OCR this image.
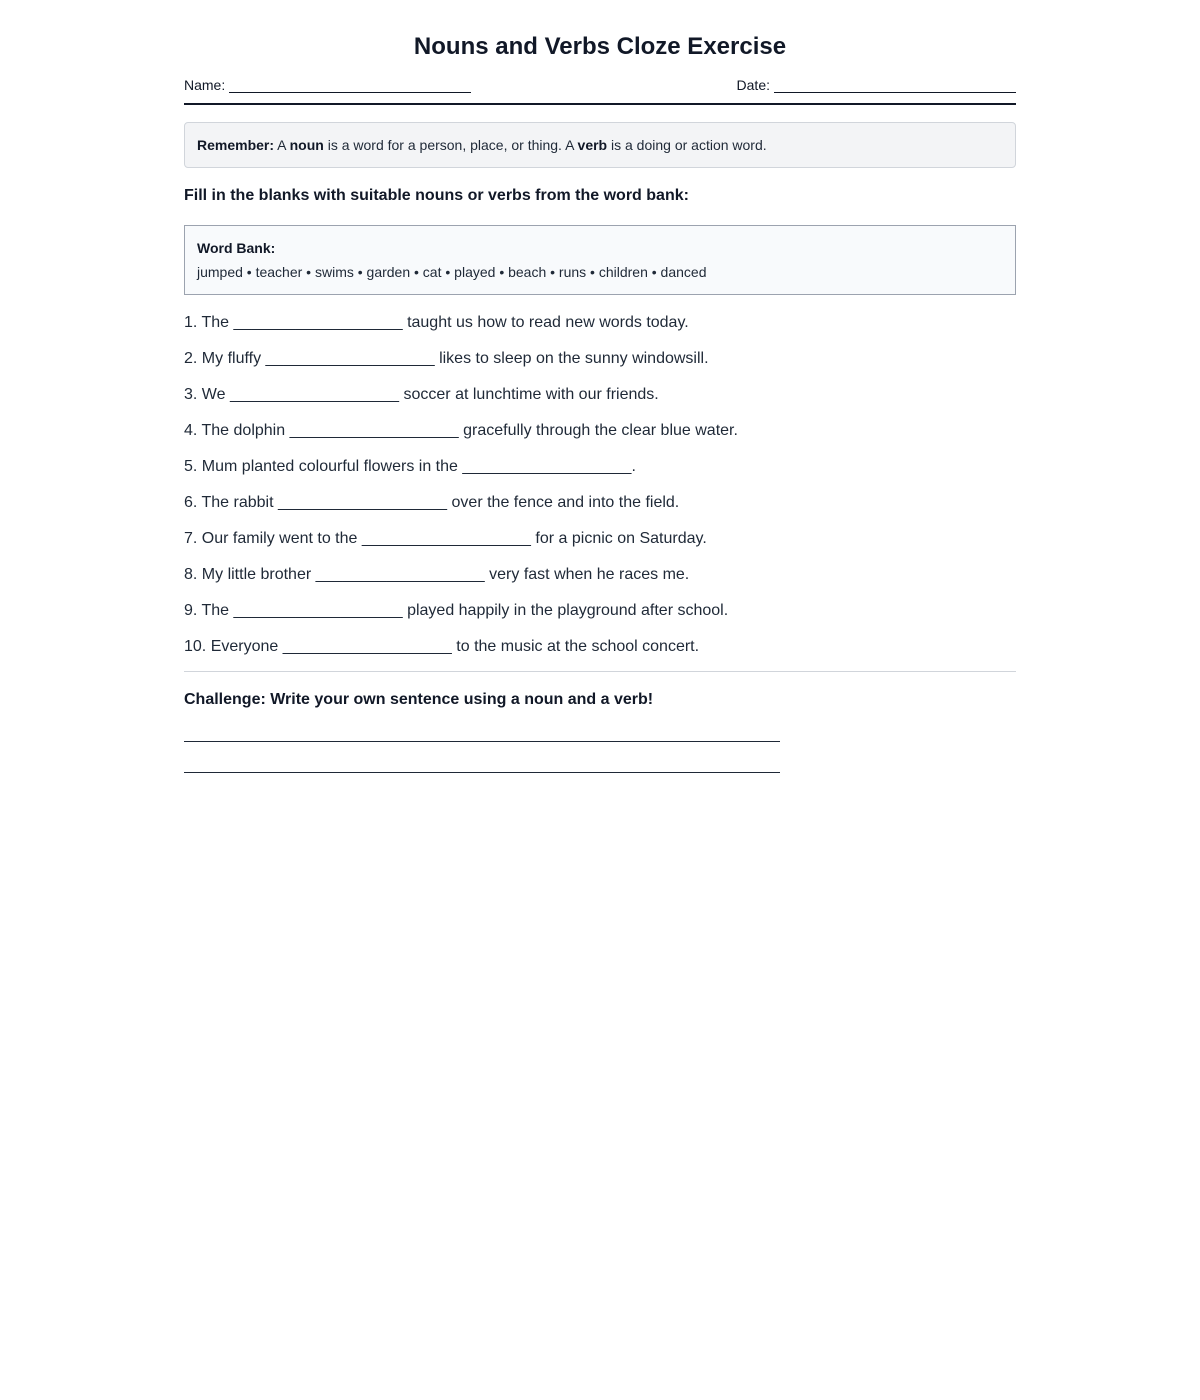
Nouns and Verbs Cloze Exercise
Name:	Date:
Remember: A noun is a word for a person, place, or thing. A verb is a doing or action word.
Fill in the blanks with suitable nouns or verbs from the word bank:
Word Bank:
jumped • teacher • swims • garden • cat • played • beach • runs • children • danced
1. The ___________________ taught us how to read new words today.
2. My fluffy ___________________ likes to sleep on the sunny windowsill.
3. We ___________________ soccer at lunchtime with our friends.
4. The dolphin ___________________ gracefully through the clear blue water.
5. Mum planted colourful flowers in the ___________________.
6. The rabbit ___________________ over the fence and into the field.
7. Our family went to the ___________________ for a picnic on Saturday.
8. My little brother ___________________ very fast when he races me.
9. The ___________________ played happily in the playground after school.
10. Everyone ___________________ to the music at the school concert.
Challenge: Write your own sentence using a noun and a verb!
